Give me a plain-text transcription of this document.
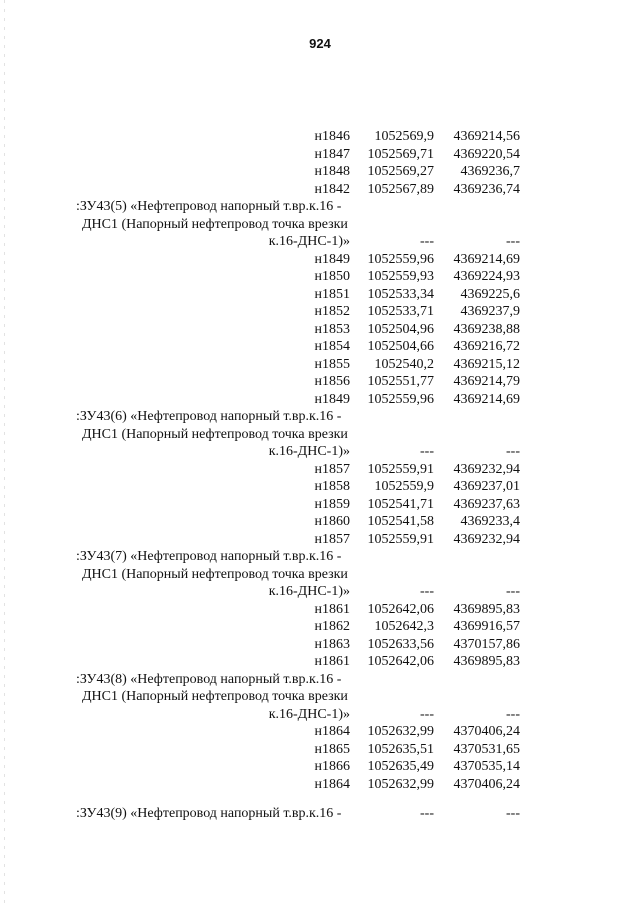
924
н1846	1052569,9	4369214,56
н1847	1052569,71	4369220,54
н1848	1052569,27	4369236,7
н1842	1052567,89	4369236,74
:ЗУ43(5) «Нефтепровод напорный т.вр.к.16 -
ДНС1 (Напорный нефтепровод точка врезки
к.16-ДНС-1)»	---	---
н1849	1052559,96	4369214,69
н1850	1052559,93	4369224,93
н1851	1052533,34	4369225,6
н1852	1052533,71	4369237,9
н1853	1052504,96	4369238,88
н1854	1052504,66	4369216,72
н1855	1052540,2	4369215,12
н1856	1052551,77	4369214,79
н1849	1052559,96	4369214,69
:ЗУ43(6) «Нефтепровод напорный т.вр.к.16 -
ДНС1 (Напорный нефтепровод точка врезки
к.16-ДНС-1)»	---	---
н1857	1052559,91	4369232,94
н1858	1052559,9	4369237,01
н1859	1052541,71	4369237,63
н1860	1052541,58	4369233,4
н1857	1052559,91	4369232,94
:ЗУ43(7) «Нефтепровод напорный т.вр.к.16 -
ДНС1 (Напорный нефтепровод точка врезки
к.16-ДНС-1)»	---	---
н1861	1052642,06	4369895,83
н1862	1052642,3	4369916,57
н1863	1052633,56	4370157,86
н1861	1052642,06	4369895,83
:ЗУ43(8) «Нефтепровод напорный т.вр.к.16 -
ДНС1 (Напорный нефтепровод точка врезки
к.16-ДНС-1)»	---	---
н1864	1052632,99	4370406,24
н1865	1052635,51	4370531,65
н1866	1052635,49	4370535,14
н1864	1052632,99	4370406,24
:ЗУ43(9) «Нефтепровод напорный т.вр.к.16 -	---	---
